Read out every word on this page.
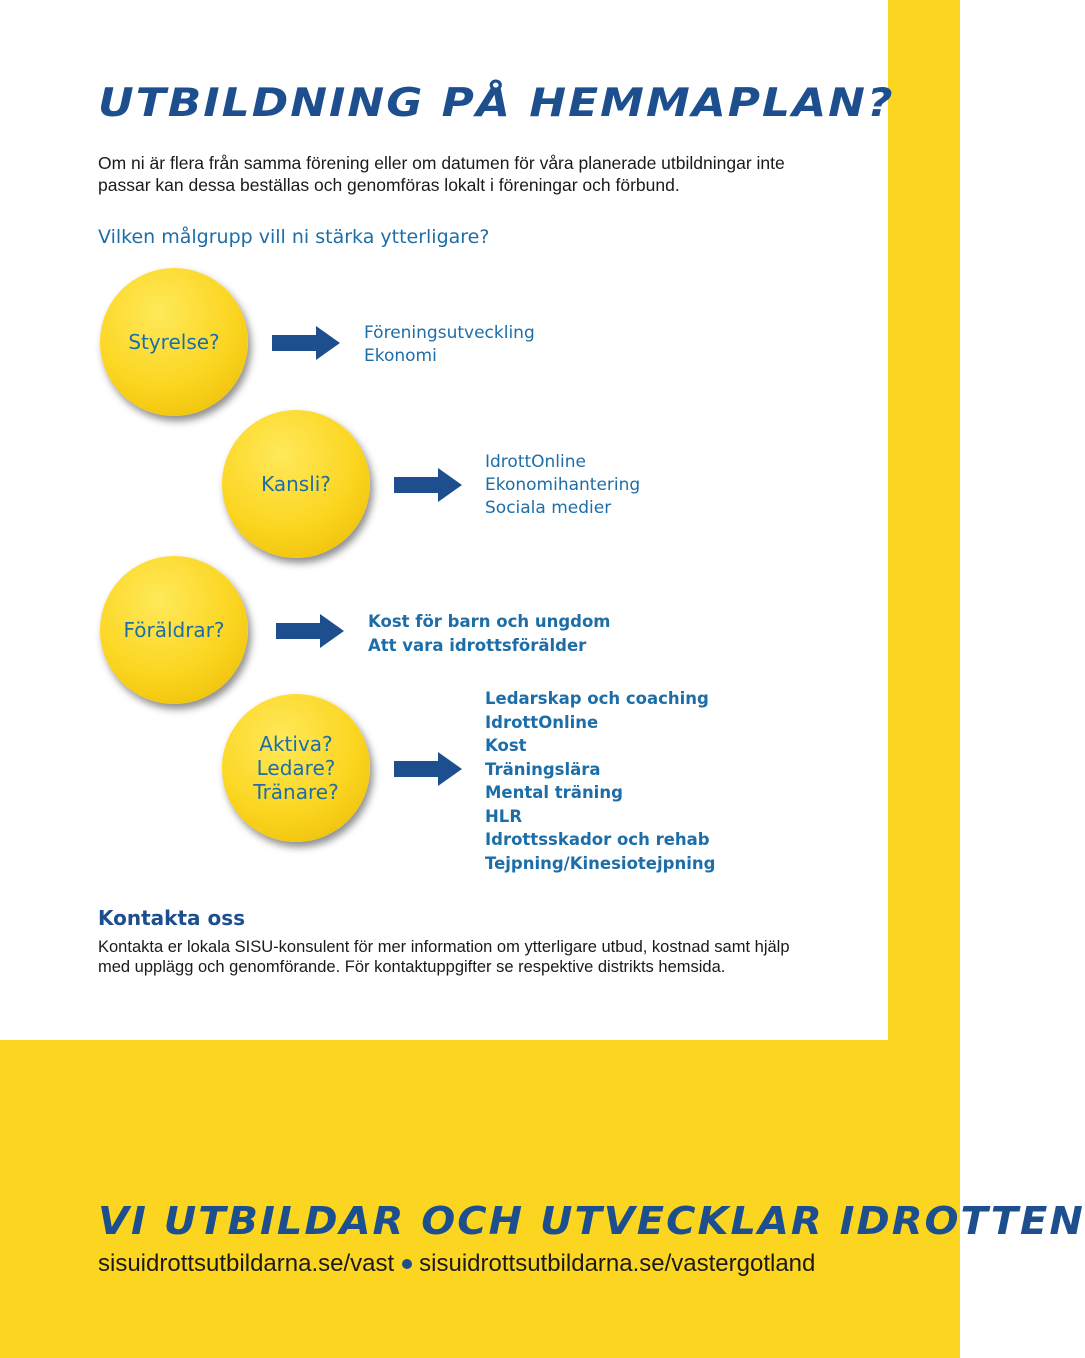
UTBILDNING PÅ HEMMAPLAN?

Om ni är flera från samma förening eller om datumen för våra planerade utbildningar inte passar kan dessa beställas och genomföras lokalt i föreningar och förbund.

Vilken målgrupp vill ni stärka ytterligare?

Styrelse?	Föreningsutveckling
Ekonomi
Kansli?
IdrottOnline
Ekonomihantering
Sociala medier
Föräldrar?	Kost för barn och ungdom
Att vara idrottsförälder
Aktiva?
Ledare?
Tränare?
Ledarskap och coaching
IdrottOnline
Kost
Träningslära
Mental träning
HLR
Idrottsskador och rehab
Tejpning/Kinesiotejpning
Kontakta oss

Kontakta er lokala SISU-konsulent för mer information om ytterligare utbud, kostnad samt hjälp med upplägg och genomförande. För kontaktuppgifter se respektive distrikts hemsida.

VI UTBILDAR OCH UTVECKLAR IDROTTEN
sisuidrottsutbildarna.se/vast sisuidrottsutbildarna.se/vastergotland
